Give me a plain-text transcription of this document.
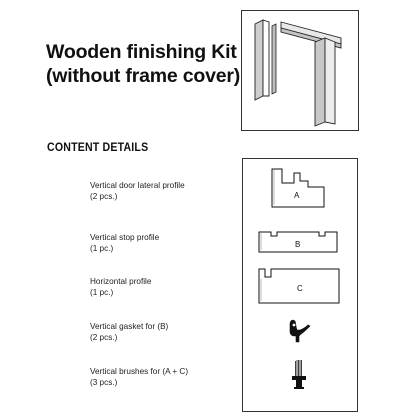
Wooden finishing Kit
(without frame cover)
CONTENT DETAILS
Vertical door lateral profile
(2 pcs.)	A
Vertical stop profile
(1 pc.)	B
Horizontal profile
(1 pc.)	C
Vertical gasket for (B)
(2 pcs.)
Vertical brushes for (A + C)
(3 pcs.)
